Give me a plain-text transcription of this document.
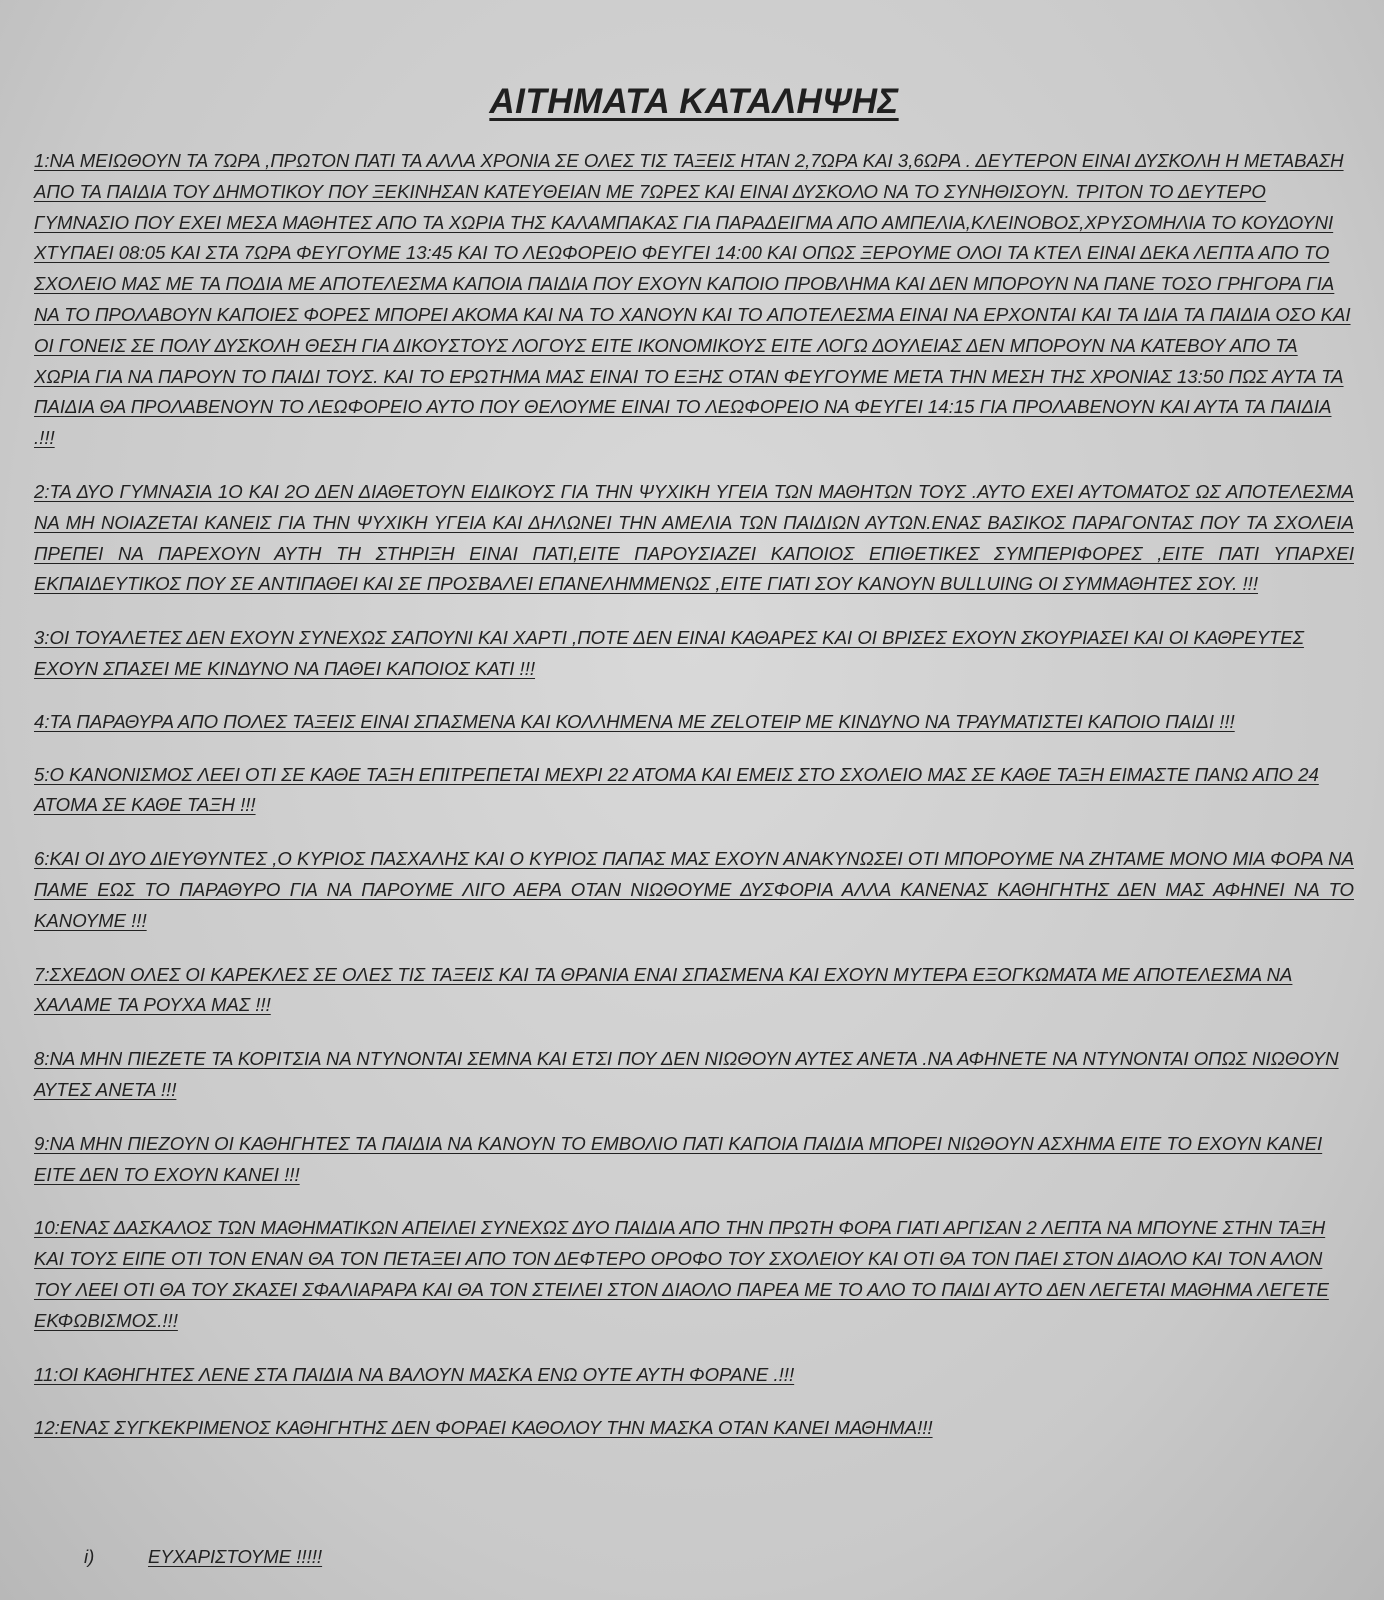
ΑΙΤΗΜΑΤΑ ΚΑΤΑΛΗΨΗΣ

1:ΝΑ ΜΕΙΩΘΟΥΝ ΤΑ 7ΩΡΑ ,ΠΡΩΤΟΝ ΠΑΤΙ ΤΑ ΑΛΛΑ ΧΡΟΝΙΑ ΣΕ ΟΛΕΣ ΤΙΣ ΤΑΞΕΙΣ ΗΤΑΝ 2,7ΩΡΑ ΚΑΙ 3,6ΩΡΑ . ΔΕΥΤΕΡΟΝ ΕΙΝΑΙ ΔΥΣΚΟΛΗ Η ΜΕΤΑΒΑΣΗ ΑΠΟ ΤΑ ΠΑΙΔΙΑ ΤΟΥ ΔΗΜΟΤΙΚΟΥ ΠΟΥ ΞΕΚΙΝΗΣΑΝ ΚΑΤΕΥΘΕΙΑΝ ΜΕ 7ΩΡΕΣ ΚΑΙ ΕΙΝΑΙ ΔΥΣΚΟΛΟ ΝΑ ΤΟ ΣΥΝΗΘΙΣΟΥΝ. ΤΡΙΤΟΝ ΤΟ ΔΕΥΤΕΡΟ ΓΥΜΝΑΣΙΟ ΠΟΥ ΕΧΕΙ ΜΕΣΑ ΜΑΘΗΤΕΣ ΑΠΟ ΤΑ ΧΩΡΙΑ ΤΗΣ ΚΑΛΑΜΠΑΚΑΣ ΓΙΑ ΠΑΡΑΔΕΙΓΜΑ ΑΠΟ ΑΜΠΕΛΙΑ,ΚΛΕΙΝΟΒΟΣ,ΧΡΥΣΟΜΗΛΙΑ ΤΟ ΚΟΥΔΟΥΝΙ ΧΤΥΠΑΕΙ 08:05 ΚΑΙ ΣΤΑ 7ΩΡΑ ΦΕΥΓΟΥΜΕ 13:45 ΚΑΙ ΤΟ ΛΕΩΦΟΡΕΙΟ ΦΕΥΓΕΙ 14:00 ΚΑΙ ΟΠΩΣ ΞΕΡΟΥΜΕ ΟΛΟΙ ΤΑ ΚΤΕΛ ΕΙΝΑΙ ΔΕΚΑ ΛΕΠΤΑ ΑΠΟ ΤΟ ΣΧΟΛΕΙΟ ΜΑΣ ΜΕ ΤΑ ΠΟΔΙΑ ΜΕ ΑΠΟΤΕΛΕΣΜΑ ΚΑΠΟΙΑ ΠΑΙΔΙΑ ΠΟΥ ΕΧΟΥΝ ΚΑΠΟΙΟ ΠΡΟΒΛΗΜΑ ΚΑΙ ΔΕΝ ΜΠΟΡΟΥΝ ΝΑ ΠΑΝΕ ΤΟΣΟ ΓΡΗΓΟΡΑ ΓΙΑ ΝΑ ΤΟ ΠΡΟΛΑΒΟΥΝ ΚΑΠΟΙΕΣ ΦΟΡΕΣ ΜΠΟΡΕΙ ΑΚΟΜΑ ΚΑΙ ΝΑ ΤΟ ΧΑΝΟΥΝ ΚΑΙ ΤΟ ΑΠΟΤΕΛΕΣΜΑ ΕΙΝΑΙ ΝΑ ΕΡΧΟΝΤΑΙ ΚΑΙ ΤΑ ΙΔΙΑ ΤΑ ΠΑΙΔΙΑ ΟΣΟ ΚΑΙ ΟΙ ΓΟΝΕΙΣ ΣΕ ΠΟΛΥ ΔΥΣΚΟΛΗ ΘΕΣΗ ΓΙΑ ΔΙΚΟΥΣΤΟΥΣ ΛΟΓΟΥΣ ΕΙΤΕ ΙΚΟΝΟΜΙΚΟΥΣ ΕΙΤΕ ΛΟΓΩ ΔΟΥΛΕΙΑΣ ΔΕΝ ΜΠΟΡΟΥΝ ΝΑ ΚΑΤΕΒΟΥ ΑΠΟ ΤΑ ΧΩΡΙΑ ΓΙΑ ΝΑ ΠΑΡΟΥΝ ΤΟ ΠΑΙΔΙ ΤΟΥΣ. ΚΑΙ ΤΟ ΕΡΩΤΗΜΑ ΜΑΣ ΕΙΝΑΙ ΤΟ ΕΞΗΣ ΟΤΑΝ ΦΕΥΓΟΥΜΕ ΜΕΤΑ ΤΗΝ ΜΕΣΗ ΤΗΣ ΧΡΟΝΙΑΣ 13:50 ΠΩΣ ΑΥΤΑ ΤΑ ΠΑΙΔΙΑ ΘΑ ΠΡΟΛΑΒΕΝΟΥΝ ΤΟ ΛΕΩΦΟΡΕΙΟ ΑΥΤΟ ΠΟΥ ΘΕΛΟΥΜΕ ΕΙΝΑΙ ΤΟ ΛΕΩΦΟΡΕΙΟ ΝΑ ΦΕΥΓΕΙ 14:15 ΓΙΑ ΠΡΟΛΑΒΕΝΟΥΝ ΚΑΙ ΑΥΤΑ ΤΑ ΠΑΙΔΙΑ .!!!

2:ΤΑ ΔΥΟ ΓΥΜΝΑΣΙΑ 1Ο ΚΑΙ 2Ο ΔΕΝ ΔΙΑΘΕΤΟΥΝ ΕΙΔΙΚΟΥΣ ΓΙΑ ΤΗΝ ΨΥΧΙΚΗ ΥΓΕΙΑ ΤΩΝ ΜΑΘΗΤΩΝ ΤΟΥΣ .ΑΥΤΟ ΕΧΕΙ ΑΥΤΟΜΑΤΟΣ ΩΣ ΑΠΟΤΕΛΕΣΜΑ ΝΑ ΜΗ ΝΟΙΑΖΕΤΑΙ ΚΑΝΕΙΣ ΓΙΑ ΤΗΝ ΨΥΧΙΚΗ ΥΓΕΙΑ ΚΑΙ ΔΗΛΩΝΕΙ ΤΗΝ ΑΜΕΛΙΑ ΤΩΝ ΠΑΙΔΙΩΝ ΑΥΤΩΝ.ΕΝΑΣ ΒΑΣΙΚΟΣ ΠΑΡΑΓΟΝΤΑΣ ΠΟΥ ΤΑ ΣΧΟΛΕΙΑ ΠΡΕΠΕΙ ΝΑ ΠΑΡΕΧΟΥΝ ΑΥΤΗ ΤΗ ΣΤΗΡΙΞΗ ΕΙΝΑΙ ΠΑΤΙ,ΕΙΤΕ ΠΑΡΟΥΣΙΑΖΕΙ ΚΑΠΟΙΟΣ ΕΠΙΘΕΤΙΚΕΣ ΣΥΜΠΕΡΙΦΟΡΕΣ ,ΕΙΤΕ ΠΑΤΙ ΥΠΑΡΧΕΙ ΕΚΠΑΙΔΕΥΤΙΚΟΣ ΠΟΥ ΣΕ ΑΝΤΙΠΑΘΕΙ ΚΑΙ ΣΕ ΠΡΟΣΒΑΛΕΙ ΕΠΑΝΕΛΗΜΜΕΝΩΣ ,ΕΙΤΕ ΓΙΑΤΙ ΣΟΥ ΚΑΝΟΥΝ BULLUING ΟΙ ΣΥΜΜΑΘΗΤΕΣ ΣΟΥ. !!!

3:ΟΙ ΤΟΥΑΛΕΤΕΣ ΔΕΝ ΕΧΟΥΝ ΣΥΝΕΧΩΣ ΣΑΠΟΥΝΙ ΚΑΙ ΧΑΡΤΙ ,ΠΟΤΕ ΔΕΝ ΕΙΝΑΙ ΚΑΘΑΡΕΣ ΚΑΙ ΟΙ ΒΡΙΣΕΣ ΕΧΟΥΝ ΣΚΟΥΡΙΑΣΕΙ ΚΑΙ ΟΙ ΚΑΘΡΕΥΤΕΣ ΕΧΟΥΝ ΣΠΑΣΕΙ ΜΕ ΚΙΝΔΥΝΟ ΝΑ ΠΑΘΕΙ ΚΑΠΟΙΟΣ ΚΑΤΙ !!!

4:ΤΑ ΠΑΡΑΘΥΡΑ ΑΠΟ ΠΟΛΕΣ ΤΑΞΕΙΣ ΕΙΝΑΙ ΣΠΑΣΜΕΝΑ ΚΑΙ ΚΟΛΛΗΜΕΝΑ ΜΕ ZELOTEIP ΜΕ ΚΙΝΔΥΝΟ ΝΑ ΤΡΑΥΜΑΤΙΣΤΕΙ ΚΑΠΟΙΟ ΠΑΙΔΙ !!!

5:Ο ΚΑΝΟΝΙΣΜΟΣ ΛΕΕΙ ΟΤΙ ΣΕ ΚΑΘΕ ΤΑΞΗ ΕΠΙΤΡΕΠΕΤΑΙ ΜΕΧΡΙ 22 ΑΤΟΜΑ ΚΑΙ ΕΜΕΙΣ ΣΤΟ ΣΧΟΛΕΙΟ ΜΑΣ ΣΕ ΚΑΘΕ ΤΑΞΗ ΕΙΜΑΣΤΕ ΠΑΝΩ ΑΠΟ 24 ΑΤΟΜΑ ΣΕ ΚΑΘΕ ΤΑΞΗ !!!

6:ΚΑΙ ΟΙ ΔΥΟ ΔΙΕΥΘΥΝΤΕΣ ,Ο ΚΥΡΙΟΣ ΠΑΣΧΑΛΗΣ ΚΑΙ Ο ΚΥΡΙΟΣ ΠΑΠΑΣ ΜΑΣ ΕΧΟΥΝ ΑΝΑΚΥΝΩΣΕΙ ΟΤΙ ΜΠΟΡΟΥΜΕ ΝΑ ΖΗΤΑΜΕ ΜΟΝΟ ΜΙΑ ΦΟΡΑ ΝΑ ΠΑΜΕ ΕΩΣ ΤΟ ΠΑΡΑΘΥΡΟ ΓΙΑ ΝΑ ΠΑΡΟΥΜΕ ΛΙΓΟ ΑΕΡΑ ΟΤΑΝ ΝΙΩΘΟΥΜΕ ΔΥΣΦΟΡΙΑ ΑΛΛΑ ΚΑΝΕΝΑΣ ΚΑΘΗΓΗΤΗΣ ΔΕΝ ΜΑΣ ΑΦΗΝΕΙ ΝΑ ΤΟ ΚΑΝΟΥΜΕ !!!

7:ΣΧΕΔΟΝ ΟΛΕΣ ΟΙ ΚΑΡΕΚΛΕΣ ΣΕ ΟΛΕΣ ΤΙΣ ΤΑΞΕΙΣ ΚΑΙ ΤΑ ΘΡΑΝΙΑ ΕΝΑΙ ΣΠΑΣΜΕΝΑ ΚΑΙ ΕΧΟΥΝ ΜΥΤΕΡΑ ΕΞΟΓΚΩΜΑΤΑ ΜΕ ΑΠΟΤΕΛΕΣΜΑ ΝΑ ΧΑΛΑΜΕ ΤΑ ΡΟΥΧΑ ΜΑΣ !!!

8:ΝΑ ΜΗΝ ΠΙΕΖΕΤΕ ΤΑ ΚΟΡΙΤΣΙΑ ΝΑ ΝΤΥΝΟΝΤΑΙ ΣΕΜΝΑ ΚΑΙ ΕΤΣΙ ΠΟΥ ΔΕΝ ΝΙΩΘΟΥΝ ΑΥΤΕΣ ΑΝΕΤΑ .ΝΑ ΑΦΗΝΕΤΕ ΝΑ ΝΤΥΝΟΝΤΑΙ ΟΠΩΣ ΝΙΩΘΟΥΝ ΑΥΤΕΣ ΑΝΕΤΑ !!!

9:ΝΑ ΜΗΝ ΠΙΕΖΟΥΝ ΟΙ ΚΑΘΗΓΗΤΕΣ ΤΑ ΠΑΙΔΙΑ ΝΑ ΚΑΝΟΥΝ ΤΟ ΕΜΒΟΛΙΟ ΠΑΤΙ ΚΑΠΟΙΑ ΠΑΙΔΙΑ ΜΠΟΡΕΙ ΝΙΩΘΟΥΝ ΑΣΧΗΜΑ ΕΙΤΕ ΤΟ ΕΧΟΥΝ ΚΑΝΕΙ ΕΙΤΕ ΔΕΝ ΤΟ ΕΧΟΥΝ ΚΑΝΕΙ !!!

10:ΕΝΑΣ ΔΑΣΚΑΛΟΣ ΤΩΝ ΜΑΘΗΜΑΤΙΚΩΝ ΑΠΕΙΛΕΙ ΣΥΝΕΧΩΣ ΔΥΟ ΠΑΙΔΙΑ ΑΠΟ ΤΗΝ ΠΡΩΤΗ ΦΟΡΑ ΓΙΑΤΙ ΑΡΓΙΣΑΝ 2 ΛΕΠΤΑ ΝΑ ΜΠΟΥΝΕ ΣΤΗΝ ΤΑΞΗ ΚΑΙ ΤΟΥΣ ΕΙΠΕ ΟΤΙ ΤΟΝ ΕΝΑΝ ΘΑ ΤΟΝ ΠΕΤΑΞΕΙ ΑΠΟ ΤΟΝ ΔΕΦΤΕΡΟ ΟΡΟΦΟ ΤΟΥ ΣΧΟΛΕΙΟΥ ΚΑΙ ΟΤΙ ΘΑ ΤΟΝ ΠΑΕΙ ΣΤΟΝ ΔΙΑΟΛΟ ΚΑΙ ΤΟΝ ΑΛΟΝ ΤΟΥ ΛΕΕΙ ΟΤΙ ΘΑ ΤΟΥ ΣΚΑΣΕΙ ΣΦΑΛΙΑΡΑΡΑ ΚΑΙ ΘΑ ΤΟΝ ΣΤΕΙΛΕΙ ΣΤΟΝ ΔΙΑΟΛΟ ΠΑΡΕΑ ΜΕ ΤΟ ΑΛΟ ΤΟ ΠΑΙΔΙ ΑΥΤΟ ΔΕΝ ΛΕΓΕΤΑΙ ΜΑΘΗΜΑ ΛΕΓΕΤΕ ΕΚΦΩΒΙΣΜΟΣ.!!!

11:ΟΙ ΚΑΘΗΓΗΤΕΣ ΛΕΝΕ ΣΤΑ ΠΑΙΔΙΑ ΝΑ ΒΑΛΟΥΝ ΜΑΣΚΑ ΕΝΩ ΟΥΤΕ ΑΥΤΗ ΦΟΡΑΝΕ .!!!

12:ΕΝΑΣ ΣΥΓΚΕΚΡΙΜΕΝΟΣ ΚΑΘΗΓΗΤΗΣ ΔΕΝ ΦΟΡΑΕΙ ΚΑΘΟΛΟΥ ΤΗΝ ΜΑΣΚΑ ΟΤΑΝ ΚΑΝΕΙ ΜΑΘΗΜΑ!!!

i)	ΕΥΧΑΡΙΣΤΟΥΜΕ !!!!!
